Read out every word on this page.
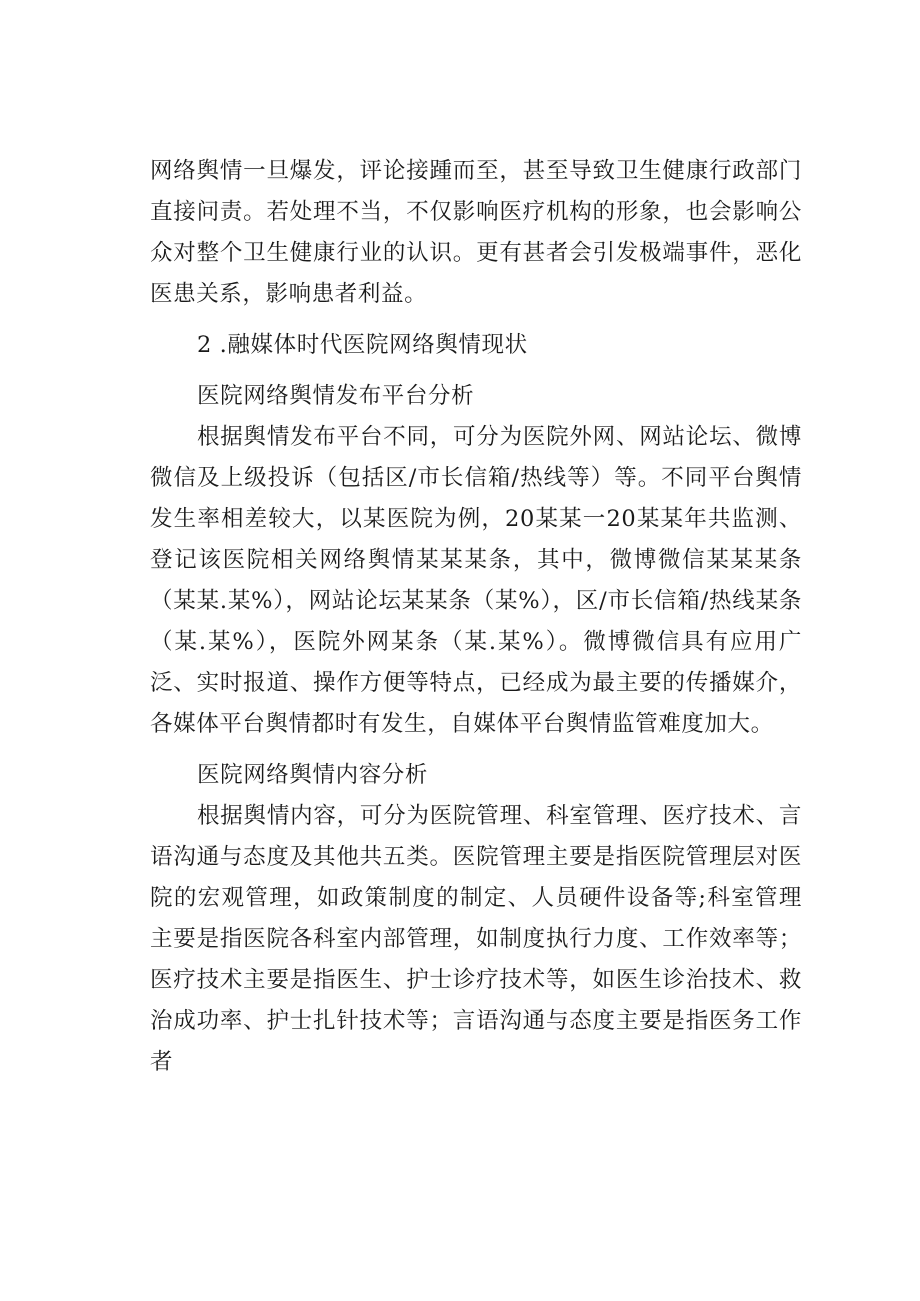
网络舆情一旦爆发，评论接踵而至，甚至导致卫生健康行政部门直接问责。若处理不当，不仅影响医疗机构的形象，也会影响公众对整个卫生健康行业的认识。更有甚者会引发极端事件，恶化医患关系，影响患者利益。

2 .融媒体时代医院网络舆情现状

医院网络舆情发布平台分析

根据舆情发布平台不同，可分为医院外网、网站论坛、微博微信及上级投诉（包括区/市长信箱/热线等）等。不同平台舆情发生率相差较大，以某医院为例，20某某一20某某年共监测、登记该医院相关网络舆情某某某条，其中，微博微信某某某条（某某.某%），网站论坛某某条（某%），区/市长信箱/热线某条（某.某%），医院外网某条（某.某%）。微博微信具有应用广泛、实时报道、操作方便等特点，已经成为最主要的传播媒介，各媒体平台舆情都时有发生，自媒体平台舆情监管难度加大。

医院网络舆情内容分析

根据舆情内容，可分为医院管理、科室管理、医疗技术、言语沟通与态度及其他共五类。医院管理主要是指医院管理层对医院的宏观管理，如政策制度的制定、人员硬件设备等;科室管理主要是指医院各科室内部管理，如制度执行力度、工作效率等；医疗技术主要是指医生、护士诊疗技术等，如医生诊治技术、救治成功率、护士扎针技术等；言语沟通与态度主要是指医务工作者
